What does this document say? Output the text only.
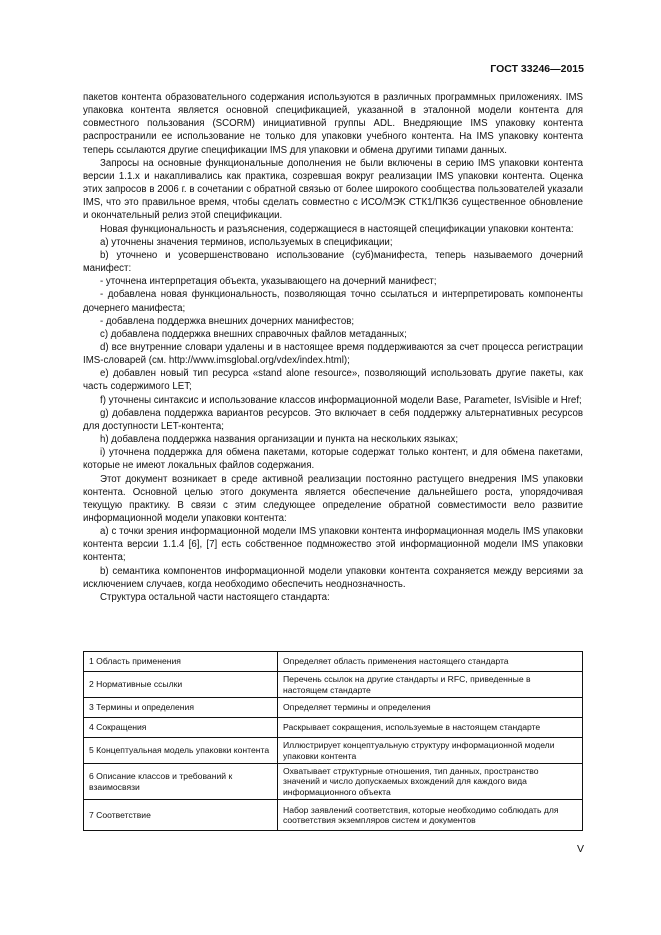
ГОСТ 33246—2015

пакетов контента образовательного содержания используются в различных программных приложениях. IMS упаковка контента является основной спецификацией, указанной в эталонной модели контента для совместного пользования (SCORM) инициативной группы ADL. Внедряющие IMS упаковку контента распространили ее использование не только для упаковки учебного контента. На IMS упаковку контента теперь ссылаются другие спецификации IMS для упаковки и обмена другими типами данных.

Запросы на основные функциональные дополнения не были включены в серию IMS упаковки контента версии 1.1.x и накапливались как практика, созревшая вокруг реализации IMS упаковки контента. Оценка этих запросов в 2006 г. в сочетании с обратной связью от более широкого сообщества пользователей указали IMS, что это правильное время, чтобы сделать совместно с ИСО/МЭК СТК1/ПК36 существенное обновление и окончательный релиз этой спецификации.

Новая функциональность и разъяснения, содержащиеся в настоящей спецификации упаковки контента:

a) уточнены значения терминов, используемых в спецификации;

b) уточнено и усовершенствовано использование (суб)манифеста, теперь называемого дочерний манифест:

- уточнена интерпретация объекта, указывающего на дочерний манифест;

- добавлена новая функциональность, позволяющая точно ссылаться и интерпретировать компоненты дочернего манифеста;

- добавлена поддержка внешних дочерних манифестов;

c) добавлена поддержка внешних справочных файлов метаданных;

d) все внутренние словари удалены и в настоящее время поддерживаются за счет процесса регистрации IMS-словарей (см. http://www.imsglobal.org/vdex/index.html);

e) добавлен новый тип ресурса «stand alone resource», позволяющий использовать другие пакеты, как часть содержимого LET;

f) уточнены синтаксис и использование классов информационной модели Base, Parameter, IsVisible и Href;

g) добавлена поддержка вариантов ресурсов. Это включает в себя поддержку альтернативных ресурсов для доступности LET-контента;

h) добавлена поддержка названия организации и пункта на нескольких языках;

i) уточнена поддержка для обмена пакетами, которые содержат только контент, и для обмена пакетами, которые не имеют локальных файлов содержания.

Этот документ возникает в среде активной реализации постоянно растущего внедрения IMS упаковки контента. Основной целью этого документа является обеспечение дальнейшего роста, упорядочивая текущую практику. В связи с этим следующее определение обратной совместимости вело развитие информационной модели упаковки контента:

a) с точки зрения информационной модели IMS упаковки контента информационная модель IMS упаковки контента версии 1.1.4 [6], [7] есть собственное подмножество этой информационной модели IMS упаковки контента;

b) семантика компонентов информационной модели упаковки контента сохраняется между версиями за исключением случаев, когда необходимо обеспечить неоднозначность.

Структура остальной части настоящего стандарта:

1 Область применения	Определяет область применения настоящего стандарта
2 Нормативные ссылки	Перечень ссылок на другие стандарты и RFC, приведенные в настоящем стандарте
3 Термины и определения	Определяет термины и определения
4 Сокращения	Раскрывает сокращения, используемые в настоящем стандарте
5 Концептуальная модель упаковки контента	Иллюстрирует концептуальную структуру информационной модели упаковки контента
6 Описание классов и требований к взаимосвязи	Охватывает структурные отношения, тип данных, пространство значений и число допускаемых вхождений для каждого вида информационного объекта
7 Соответствие	Набор заявлений соответствия, которые необходимо соблюдать для соответствия экземпляров систем и документов
V
